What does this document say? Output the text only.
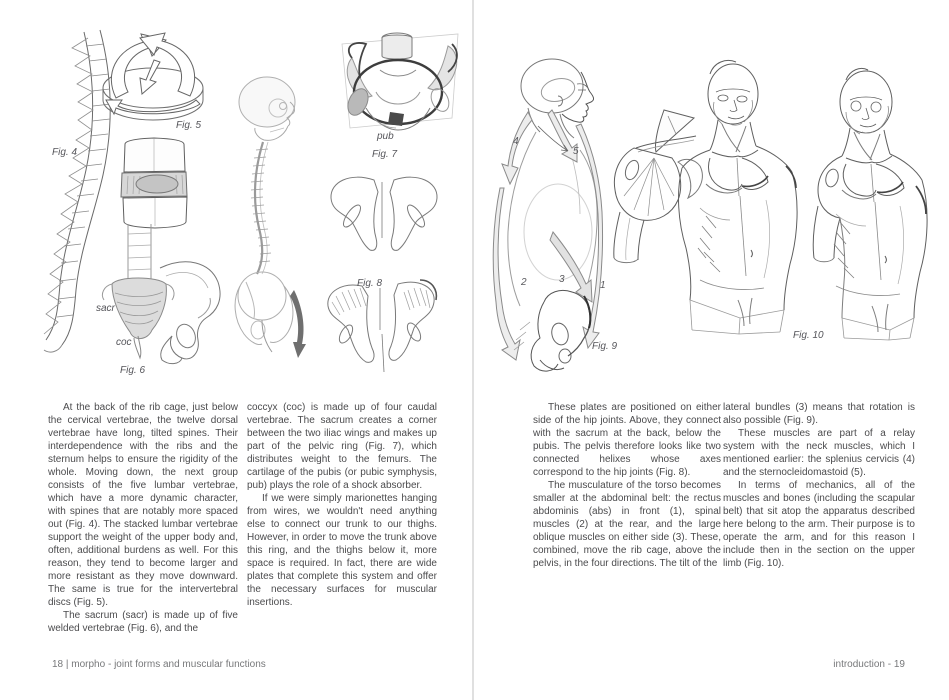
Fig. 4
Fig. 5
sacr
coc
Fig. 6
pub
Fig. 7
Fig. 8

At the back of the rib cage, just below the cervical vertebrae, the twelve dorsal vertebrae have long, tilted spines. Their interdependence with the ribs and the sternum helps to ensure the rigidity of the whole. Moving down, the next group consists of the five lumbar vertebrae, which have a more dynamic character, with spines that are notably more spaced out (Fig. 4). The stacked lumbar vertebrae support the weight of the upper body and, often, additional burdens as well. For this reason, they tend to become larger and more resistant as they move downward. The same is true for the intervertebral discs (Fig. 5).

The sacrum (sacr) is made up of five welded vertebrae (Fig. 6), and the

coccyx (coc) is made up of four caudal vertebrae. The sacrum creates a corner between the two iliac wings and makes up part of the pelvic ring (Fig. 7), which distributes weight to the femurs. The cartilage of the pubis (or pubic symphysis, pub) plays the role of a shock absorber.

If we were simply marionettes hanging from wires, we wouldn't need anything else to connect our trunk to our thighs. However, in order to move the trunk above this ring, and the thighs below it, more space is required. In fact, there are wide plates that complete this system and offer the necessary surfaces for muscular insertions.

18 | morpho - joint forms and muscular functions
4
5
2	3
1
Fig. 9
Fig. 10

These plates are positioned on either side of the hip joints. Above, they connect with the sacrum at the back, below the pubis. The pelvis therefore looks like two connected helixes whose axes correspond to the hip joints (Fig. 8).

The musculature of the torso becomes smaller at the abdominal belt: the rectus abdominis (abs) in front (1), spinal muscles (2) at the rear, and the large oblique muscles on either side (3). These, combined, move the rib cage, above the pelvis, in the four directions. The tilt of the

lateral bundles (3) means that rotation is also possible (Fig. 9).

These muscles are part of a relay system with the neck muscles, which I mentioned earlier: the splenius cervicis (4) and the sternocleidomastoid (5).

In terms of mechanics, all of the muscles and bones (including the scapular belt) that sit atop the apparatus described here belong to the arm. Their purpose is to operate the arm, and for this reason I include then in the section on the upper limb (Fig. 10).

introduction - 19
